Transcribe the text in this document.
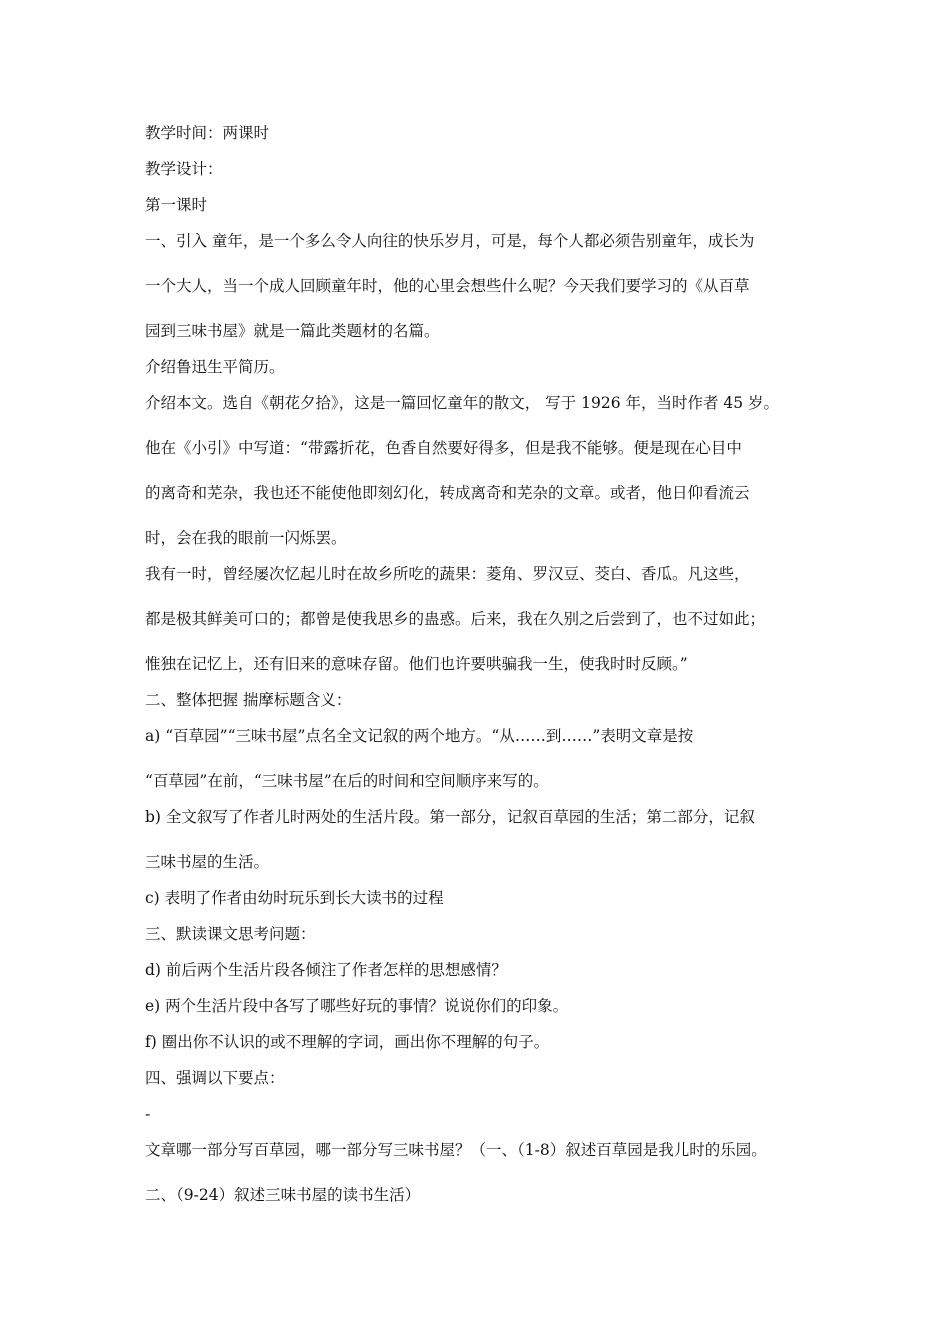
教学时间：两课时
教学设计：
第一课时
一、引入 童年，是一个多么令人向往的快乐岁月，可是，每个人都必须告别童年，成长为
一个大人，当一个成人回顾童年时，他的心里会想些什么呢？今天我们要学习的《从百草
园到三味书屋》就是一篇此类题材的名篇。
介绍鲁迅生平简历。
介绍本文。选自《朝花夕拾》，这是一篇回忆童年的散文， 写于 1926 年，当时作者 45 岁。
他在《小引》中写道：“带露折花，色香自然要好得多，但是我不能够。便是现在心目中
的离奇和芜杂，我也还不能使他即刻幻化，转成离奇和芜杂的文章。或者，他日仰看流云
时，会在我的眼前一闪烁罢。
我有一时，曾经屡次忆起儿时在故乡所吃的蔬果：菱角、罗汉豆、茭白、香瓜。凡这些，
都是极其鲜美可口的；都曾是使我思乡的蛊惑。后来，我在久别之后尝到了，也不过如此；
惟独在记忆上，还有旧来的意味存留。他们也许要哄骗我一生，使我时时反顾。”
二、整体把握 揣摩标题含义：
a) “百草园”“三味书屋”点名全文记叙的两个地方。“从……到……”表明文章是按
“百草园”在前，“三味书屋”在后的时间和空间顺序来写的。
b) 全文叙写了作者儿时两处的生活片段。第一部分，记叙百草园的生活；第二部分，记叙
三味书屋的生活。
c) 表明了作者由幼时玩乐到长大读书的过程
三、默读课文思考问题：
d) 前后两个生活片段各倾注了作者怎样的思想感情？
e) 两个生活片段中各写了哪些好玩的事情？说说你们的印象。
f) 圈出你不认识的或不理解的字词，画出你不理解的句子。
四、强调以下要点：
-
文章哪一部分写百草园，哪一部分写三味书屋？（一、（1-8）叙述百草园是我儿时的乐园。
二、（9-24）叙述三味书屋的读书生活）
